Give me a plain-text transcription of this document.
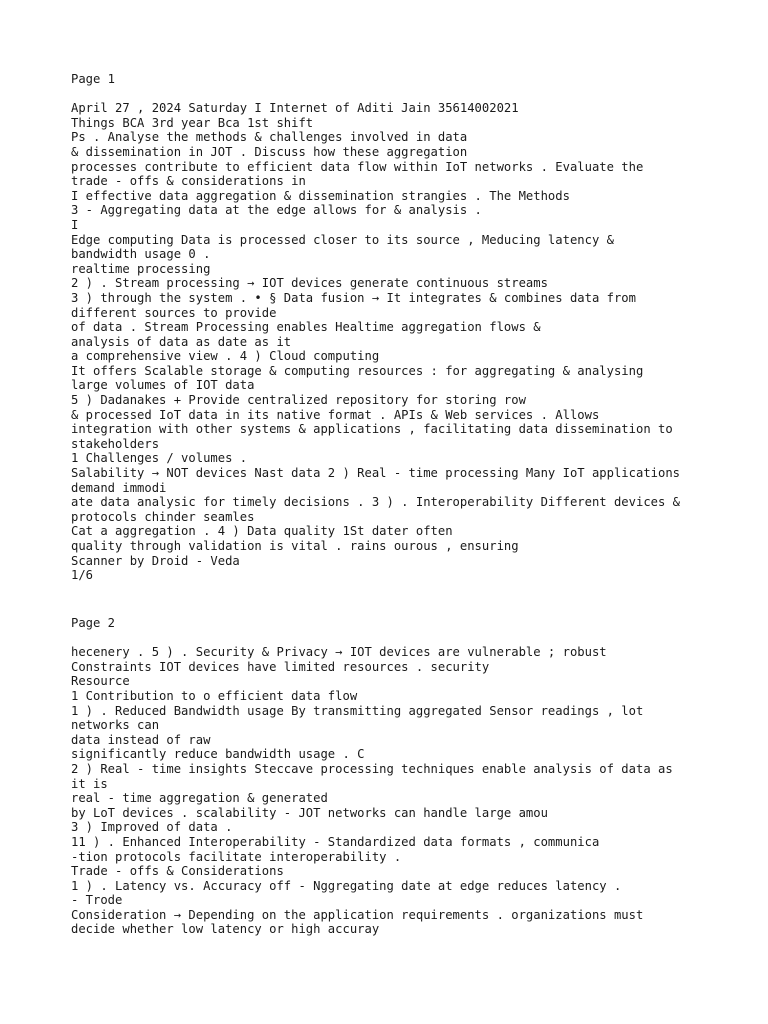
Page 1
April 27 , 2024 Saturday I Internet of Aditi Jain 35614002021
Things BCA 3rd year Bca 1st shift
Ps . Analyse the methods & challenges involved in data
& dissemination in JOT . Discuss how these aggregation
processes contribute to efficient data flow within IoT networks . Evaluate the
trade - offs & considerations in
I effective data aggregation & dissemination strangies . The Methods
3 - Aggregating data at the edge allows for & analysis .
I
Edge computing Data is processed closer to its source , Meducing latency &
bandwidth usage 0 .
realtime processing
2 ) . Stream processing → IOT devices generate continuous streams
3 ) through the system . • § Data fusion → It integrates & combines data from
different sources to provide
of data . Stream Processing enables Healtime aggregation flows &
analysis of data as date as it
a comprehensive view . 4 ) Cloud computing
It offers Scalable storage & computing resources : for aggregating & analysing
large volumes of IOT data
5 ) Dadanakes + Provide centralized repository for storing row
& processed IoT data in its native format . APIs & Web services . Allows
integration with other systems & applications , facilitating data dissemination to
stakeholders
1 Challenges / volumes .
Salability → NOT devices Nast data 2 ) Real - time processing Many IoT applications
demand immodi
ate data analysic for timely decisions . 3 ) . Interoperability Different devices &
protocols chinder seamles
Cat a aggregation . 4 ) Data quality 1St dater often
quality through validation is vital . rains ourous , ensuring
Scanner by Droid - Veda
1/6
Page 2
hecenery . 5 ) . Security & Privacy → IOT devices are vulnerable ; robust
Constraints IOT devices have limited resources . security
Resource
1 Contribution to o efficient data flow
1 ) . Reduced Bandwidth usage By transmitting aggregated Sensor readings , lot
networks can
data instead of raw
significantly reduce bandwidth usage . C
2 ) Real - time insights Steccave processing techniques enable analysis of data as
it is
real - time aggregation & generated
by LoT devices . scalability - JOT networks can handle large amou
3 ) Improved of data .
11 ) . Enhanced Interoperability - Standardized data formats , communica
-tion protocols facilitate interoperability .
Trade - offs & Considerations
1 ) . Latency vs. Accuracy off - Nggregating date at edge reduces latency .
- Trode
Consideration → Depending on the application requirements . organizations must
decide whether low latency or high accuray
